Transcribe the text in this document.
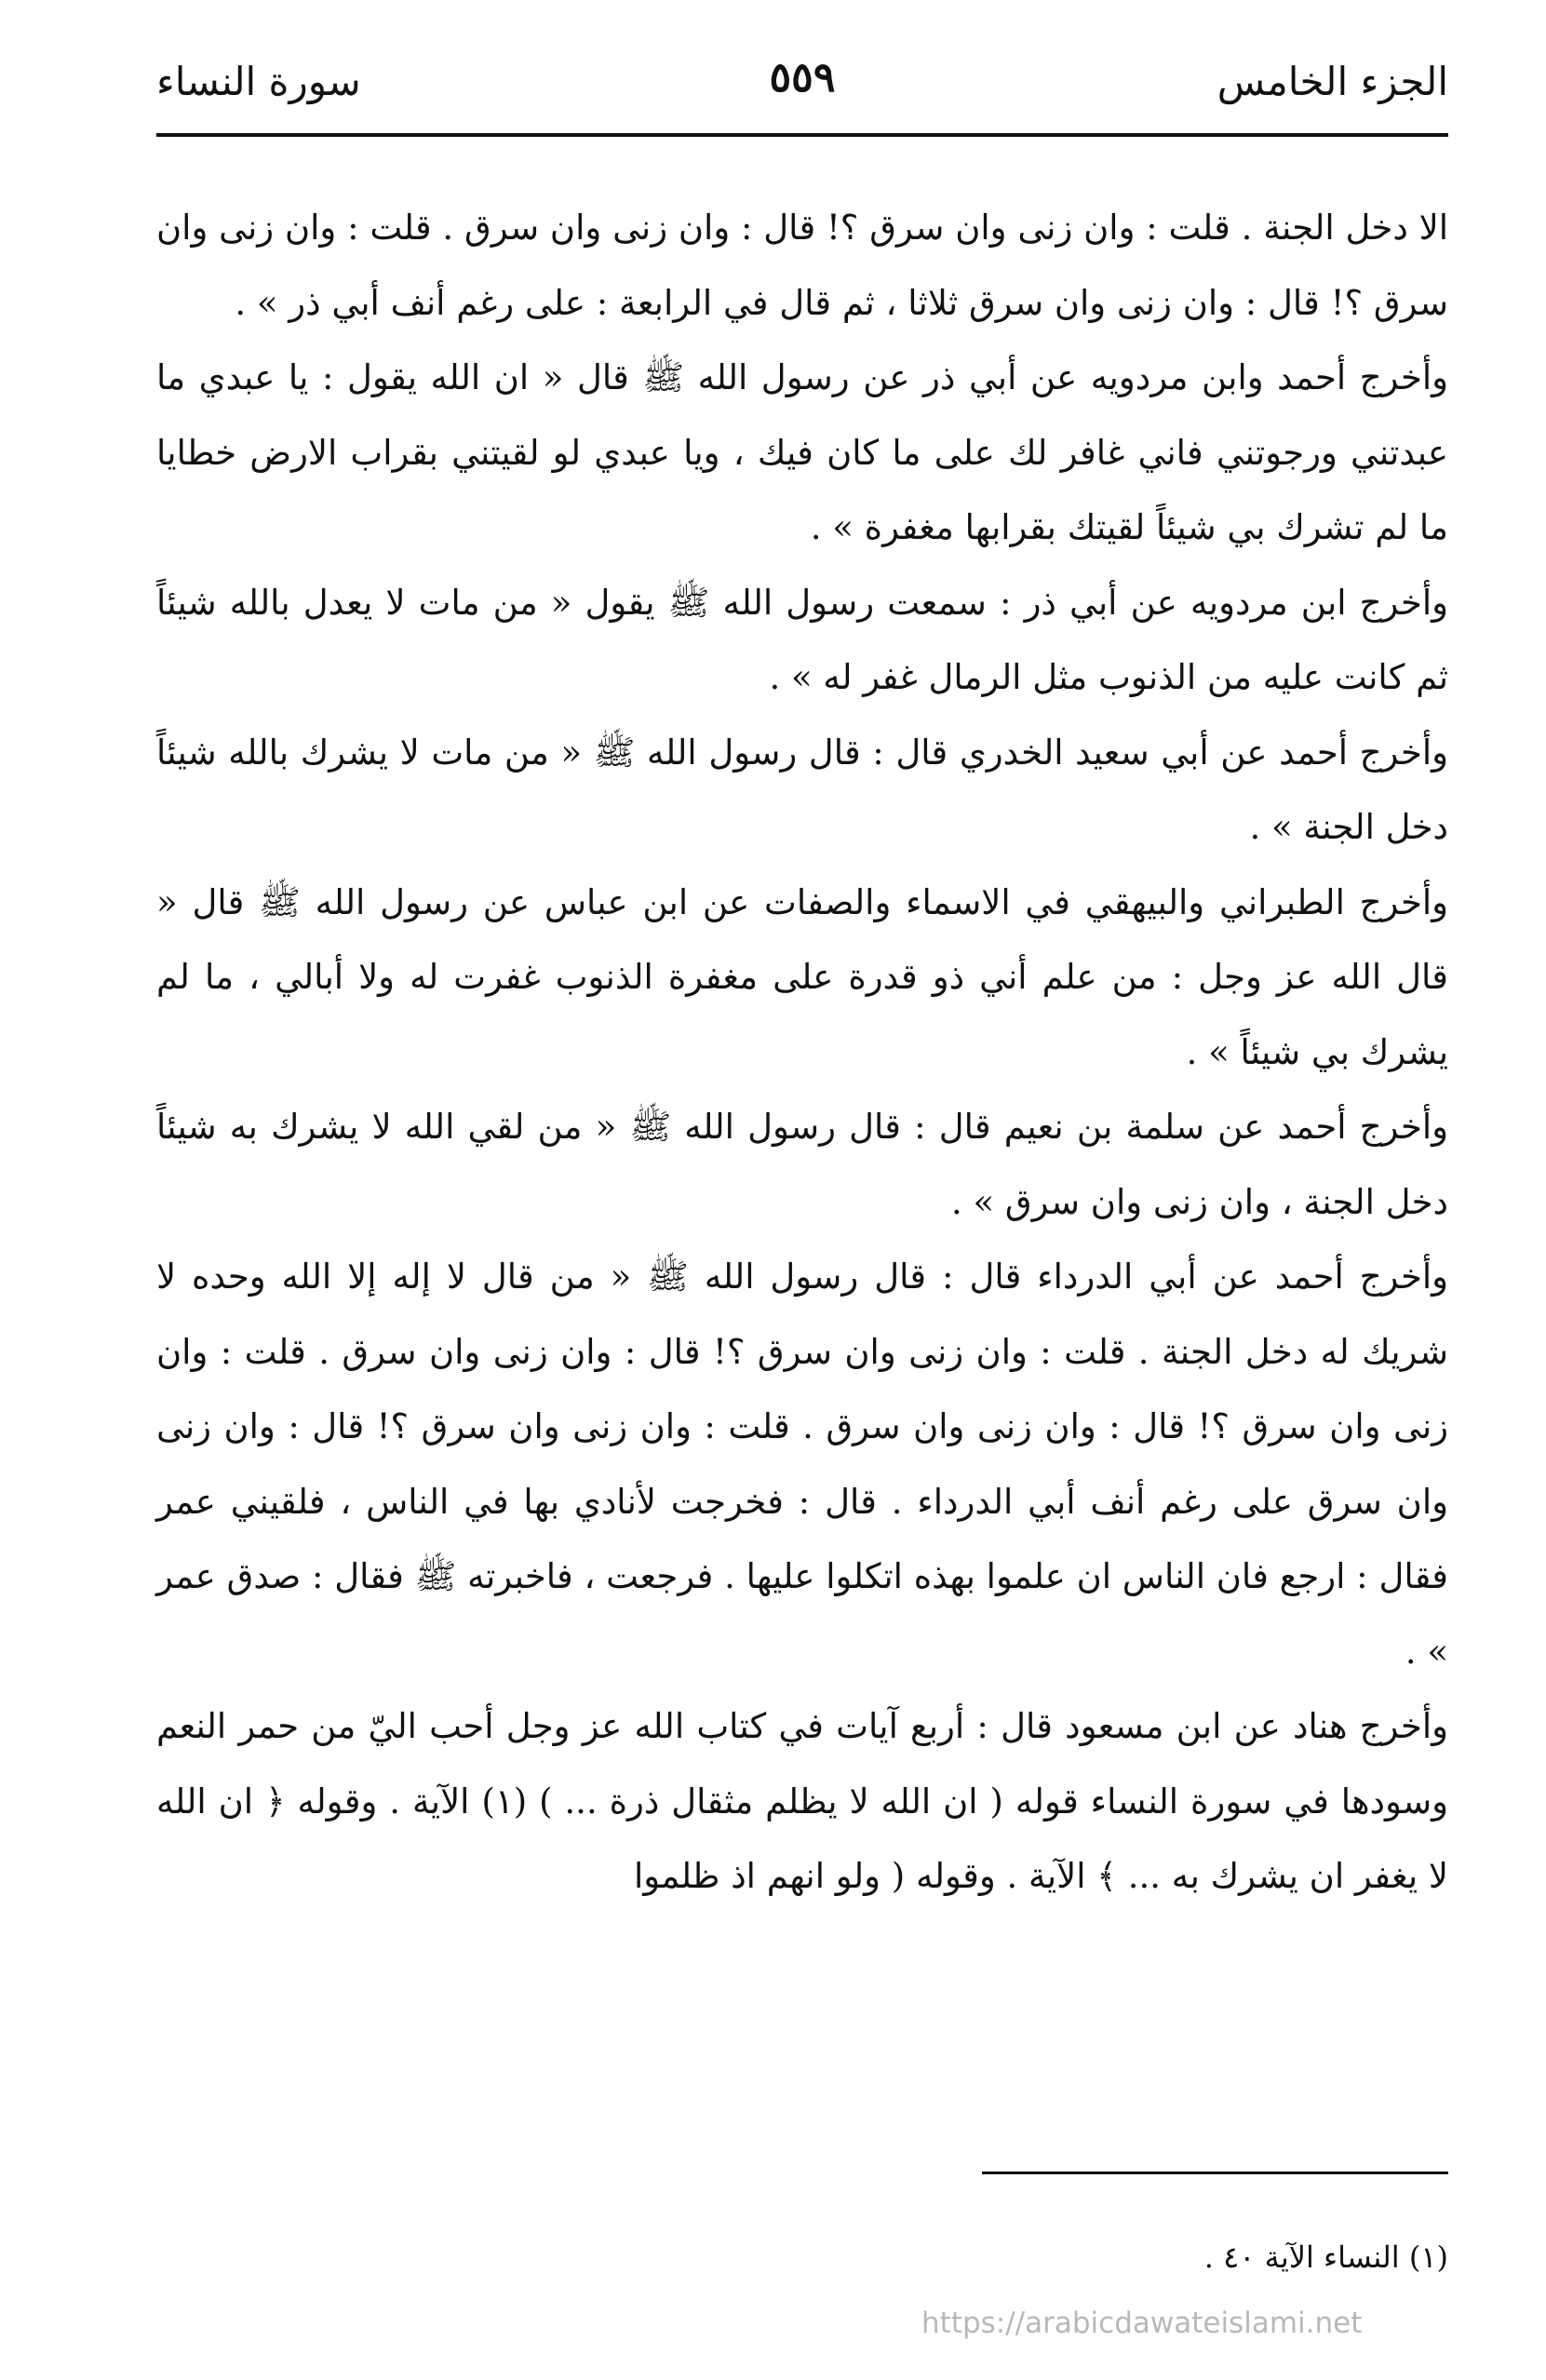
الجزء الخامس
٥٥٩
سورة النساء

الا دخل الجنة . قلت : وان زنى وان سرق ؟! قال : وان زنى وان سرق . قلت : وان زنى وان سرق ؟! قال : وان زنى وان سرق ثلاثا ، ثم قال في الرابعة : على رغم أنف أبي ذر » .

وأخرج أحمد وابن مردويه عن أبي ذر عن رسول الله ﷺ قال « ان الله يقول : يا عبدي ما عبدتني ورجوتني فاني غافر لك على ما كان فيك ، ويا عبدي لو لقيتني بقراب الارض خطايا ما لم تشرك بي شيئاً لقيتك بقرابها مغفرة » .

وأخرج ابن مردويه عن أبي ذر : سمعت رسول الله ﷺ يقول « من مات لا يعدل بالله شيئاً ثم كانت عليه من الذنوب مثل الرمال غفر له » .

وأخرج أحمد عن أبي سعيد الخدري قال : قال رسول الله ﷺ « من مات لا يشرك بالله شيئاً دخل الجنة » .

وأخرج الطبراني والبيهقي في الاسماء والصفات عن ابن عباس عن رسول الله ﷺ قال « قال الله عز وجل : من علم أني ذو قدرة على مغفرة الذنوب غفرت له ولا أبالي ، ما لم يشرك بي شيئاً » .

وأخرج أحمد عن سلمة بن نعيم قال : قال رسول الله ﷺ « من لقي الله لا يشرك به شيئاً دخل الجنة ، وان زنى وان سرق » .

وأخرج أحمد عن أبي الدرداء قال : قال رسول الله ﷺ « من قال لا إله إلا الله وحده لا شريك له دخل الجنة . قلت : وان زنى وان سرق ؟! قال : وان زنى وان سرق . قلت : وان زنى وان سرق ؟! قال : وان زنى وان سرق . قلت : وان زنى وان سرق ؟! قال : وان زنى وان سرق على رغم أنف أبي الدرداء . قال : فخرجت لأنادي بها في الناس ، فلقيني عمر فقال : ارجع فان الناس ان علموا بهذه اتكلوا عليها . فرجعت ، فاخبرته ﷺ فقال : صدق عمر » .

وأخرج هناد عن ابن مسعود قال : أربع آيات في كتاب الله عز وجل أحب اليّ من حمر النعم وسودها في سورة النساء قوله ( ان الله لا يظلم مثقال ذرة ... ) (١) الآية . وقوله ﴿ ان الله لا يغفر ان يشرك به ... ﴾ الآية . وقوله ( ولو انهم اذ ظلموا

(١) النساء الآية ٤٠ .
https://arabicdawateislami.net
